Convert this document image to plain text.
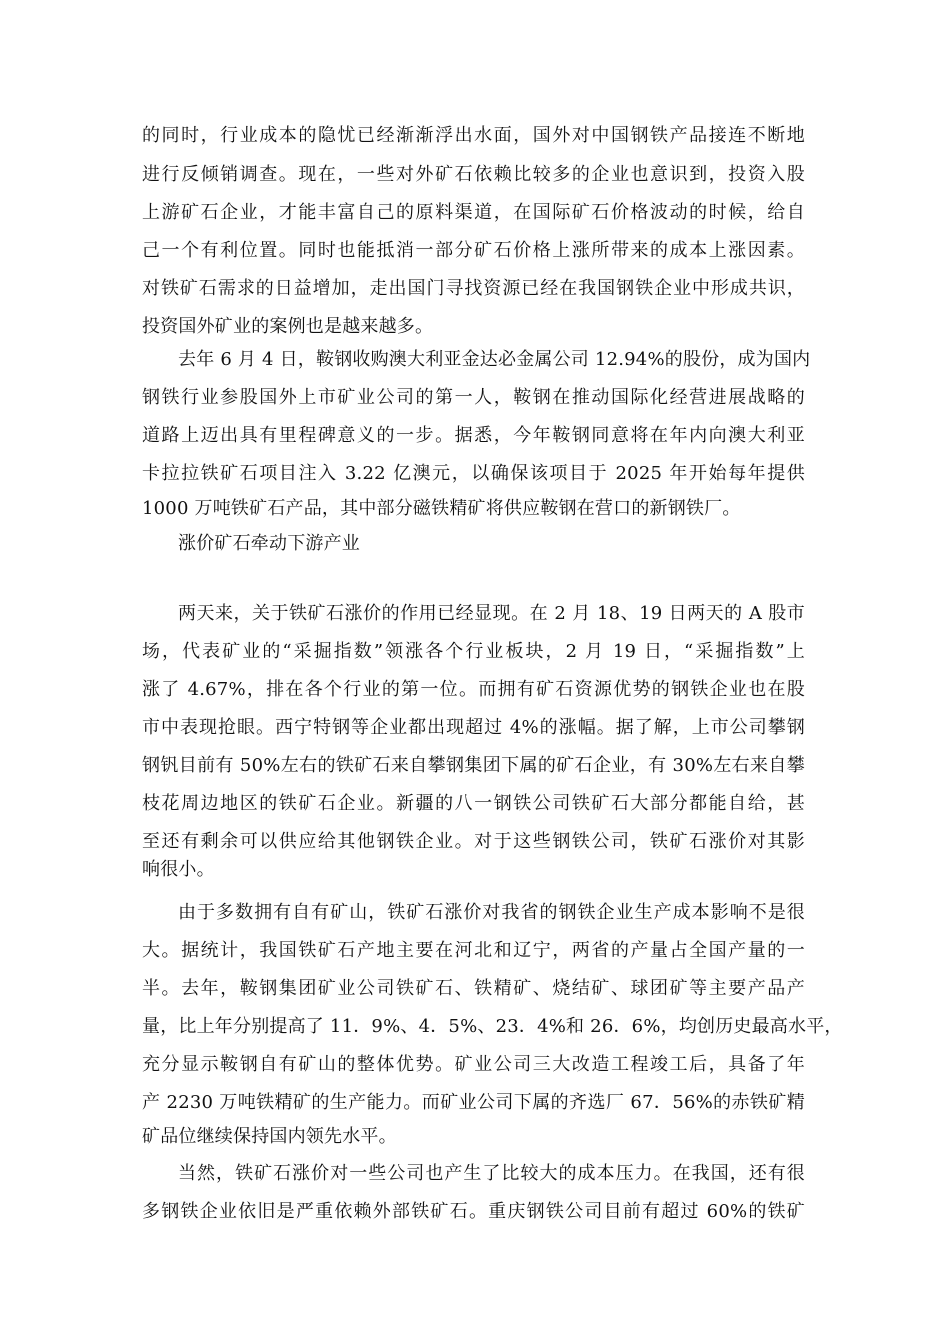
的同时，行业成本的隐忧已经渐渐浮出水面，国外对中国钢铁产品接连不断地
进行反倾销调查。现在，一些对外矿石依赖比较多的企业也意识到，投资入股
上游矿石企业，才能丰富自己的原料渠道，在国际矿石价格波动的时候，给自
己一个有利位置。同时也能抵消一部分矿石价格上涨所带来的成本上涨因素。
对铁矿石需求的日益增加，走出国门寻找资源已经在我国钢铁企业中形成共识，
投资国外矿业的案例也是越来越多。
去年 6 月 4 日，鞍钢收购澳大利亚金达必金属公司 12.94%的股份，成为国内
钢铁行业参股国外上市矿业公司的第一人，鞍钢在推动国际化经营进展战略的
道路上迈出具有里程碑意义的一步。据悉，今年鞍钢同意将在年内向澳大利亚
卡拉拉铁矿石项目注入 3.22 亿澳元，以确保该项目于 2025 年开始每年提供
1000 万吨铁矿石产品，其中部分磁铁精矿将供应鞍钢在营口的新钢铁厂。
涨价矿石牵动下游产业
两天来，关于铁矿石涨价的作用已经显现。在 2 月 18、19 日两天的 A 股市
场，代表矿业的“采掘指数”领涨各个行业板块，2 月 19 日，“采掘指数”上
涨了 4.67%，排在各个行业的第一位。而拥有矿石资源优势的钢铁企业也在股
市中表现抢眼。西宁特钢等企业都出现超过 4%的涨幅。据了解，上市公司攀钢
钢钒目前有 50%左右的铁矿石来自攀钢集团下属的矿石企业，有 30%左右来自攀
枝花周边地区的铁矿石企业。新疆的八一钢铁公司铁矿石大部分都能自给，甚
至还有剩余可以供应给其他钢铁企业。对于这些钢铁公司，铁矿石涨价对其影
响很小。
由于多数拥有自有矿山，铁矿石涨价对我省的钢铁企业生产成本影响不是很
大。据统计，我国铁矿石产地主要在河北和辽宁，两省的产量占全国产量的一
半。去年，鞍钢集团矿业公司铁矿石、铁精矿、烧结矿、球团矿等主要产品产
量，比上年分别提高了 11．9%、4．5%、23．4%和 26．6%，均创历史最高水平，
充分显示鞍钢自有矿山的整体优势。矿业公司三大改造工程竣工后，具备了年
产 2230 万吨铁精矿的生产能力。而矿业公司下属的齐选厂 67．56%的赤铁矿精
矿品位继续保持国内领先水平。
当然，铁矿石涨价对一些公司也产生了比较大的成本压力。在我国，还有很
多钢铁企业依旧是严重依赖外部铁矿石。重庆钢铁公司目前有超过 60%的铁矿
